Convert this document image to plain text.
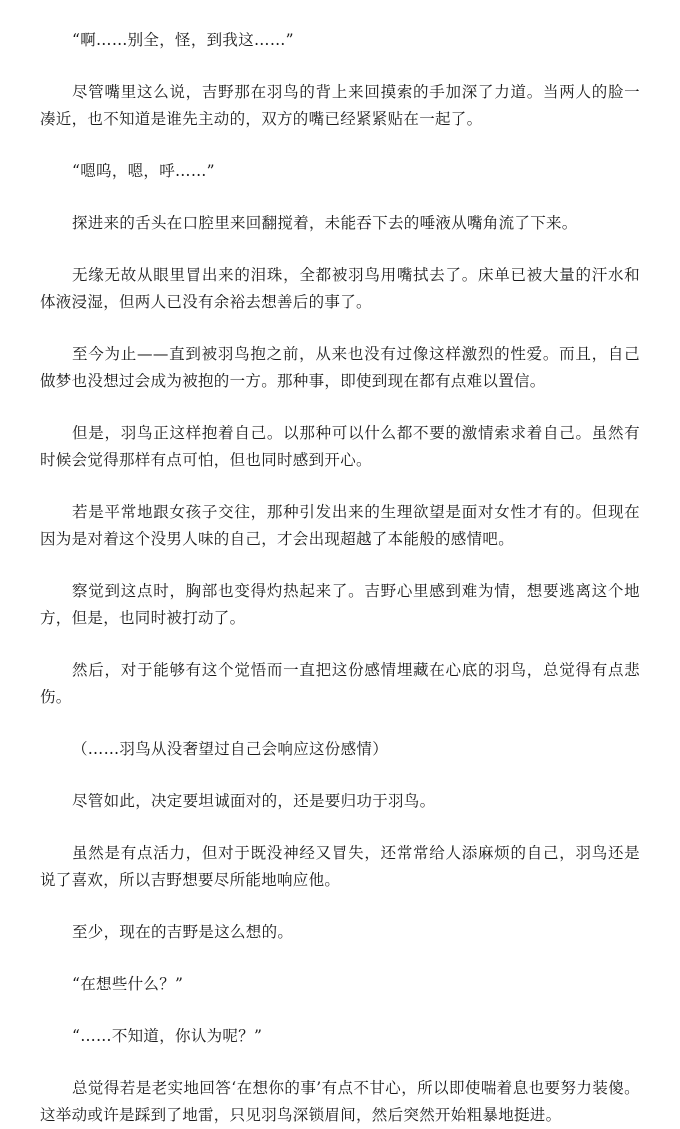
“啊……别全，怪，到我这……”

尽管嘴里这么说，吉野那在羽鸟的背上来回摸索的手加深了力道。当两人的脸一凑近，也不知道是谁先主动的，双方的嘴已经紧紧贴在一起了。

“嗯呜，嗯，呼……”

探进来的舌头在口腔里来回翻搅着，未能吞下去的唾液从嘴角流了下来。

无缘无故从眼里冒出来的泪珠，全都被羽鸟用嘴拭去了。床单已被大量的汗水和体液浸湿，但两人已没有余裕去想善后的事了。

至今为止——直到被羽鸟抱之前，从来也没有过像这样激烈的性爱。而且，自己做梦也没想过会成为被抱的一方。那种事，即使到现在都有点难以置信。

但是，羽鸟正这样抱着自己。以那种可以什么都不要的激情索求着自己。虽然有时候会觉得那样有点可怕，但也同时感到开心。

若是平常地跟女孩子交往，那种引发出来的生理欲望是面对女性才有的。但现在因为是对着这个没男人味的自己，才会出现超越了本能般的感情吧。

察觉到这点时，胸部也变得灼热起来了。吉野心里感到难为情，想要逃离这个地方，但是，也同时被打动了。

然后，对于能够有这个觉悟而一直把这份感情埋藏在心底的羽鸟，总觉得有点悲伤。

（……羽鸟从没奢望过自己会响应这份感情）

尽管如此，决定要坦诚面对的，还是要归功于羽鸟。

虽然是有点活力，但对于既没神经又冒失，还常常给人添麻烦的自己，羽鸟还是说了喜欢，所以吉野想要尽所能地响应他。

至少，现在的吉野是这么想的。

“在想些什么？”

“……不知道，你认为呢？”

总觉得若是老实地回答‘在想你的事’有点不甘心，所以即使喘着息也要努力装傻。这举动或许是踩到了地雷，只见羽鸟深锁眉间，然后突然开始粗暴地挺进。
